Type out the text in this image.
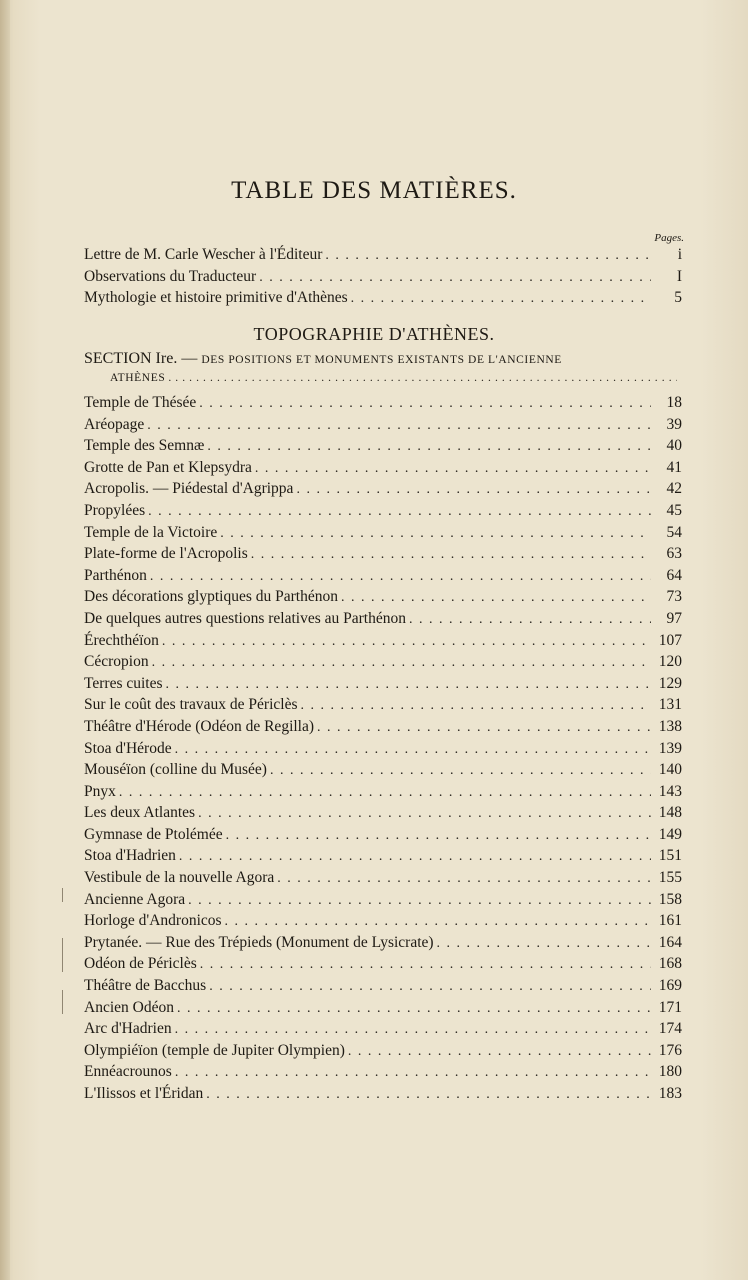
TABLE DES MATIÈRES.
Pages.
Lettre de M. Carle Wescher à l'Éditeur . . .	i
Observations du Traducteur . . .	I
Mythologie et histoire primitive d'Athènes . . .	5
TOPOGRAPHIE D'ATHÈNES.
SECTION Ire. — DES POSITIONS ET MONUMENTS EXISTANTS DE L'ANCIENNE
ATHÈNES
. . .
Temple de Thésée . . .	18
Aréopage . . .	39
Temple des Semnæ . . .	40
Grotte de Pan et Klepsydra . . .	41
Acropolis. — Piédestal d'Agrippa . . .	42
Propylées . . .	45
Temple de la Victoire . . .	54
Plate-forme de l'Acropolis . . .	63
Parthénon . . .	64
Des décorations glyptiques du Parthénon . . .	73
De quelques autres questions relatives au Parthénon . . .	97
Érechthéïon . . .	107
Cécropion . . .	120
Terres cuites . . .	129
Sur le coût des travaux de Périclès . . .	131
Théâtre d'Hérode (Odéon de Regilla) . . .	138
Stoa d'Hérode . . .	139
Mouséïon (colline du Musée) . . .	140
Pnyx . . .	143
Les deux Atlantes . . .	148
Gymnase de Ptolémée . . .	149
Stoa d'Hadrien . . .	151
Vestibule de la nouvelle Agora . . .	155
Ancienne Agora . . .	158
Horloge d'Andronicos . . .	161
Prytanée. — Rue des Trépieds (Monument de Lysicrate) . . .	164
Odéon de Périclès . . .	168
Théâtre de Bacchus . . .	169
Ancien Odéon . . .	171
Arc d'Hadrien . . .	174
Olympiéïon (temple de Jupiter Olympien) . . .	176
Ennéacrounos . . .	180
L'Ilissos et l'Éridan . . .	183
